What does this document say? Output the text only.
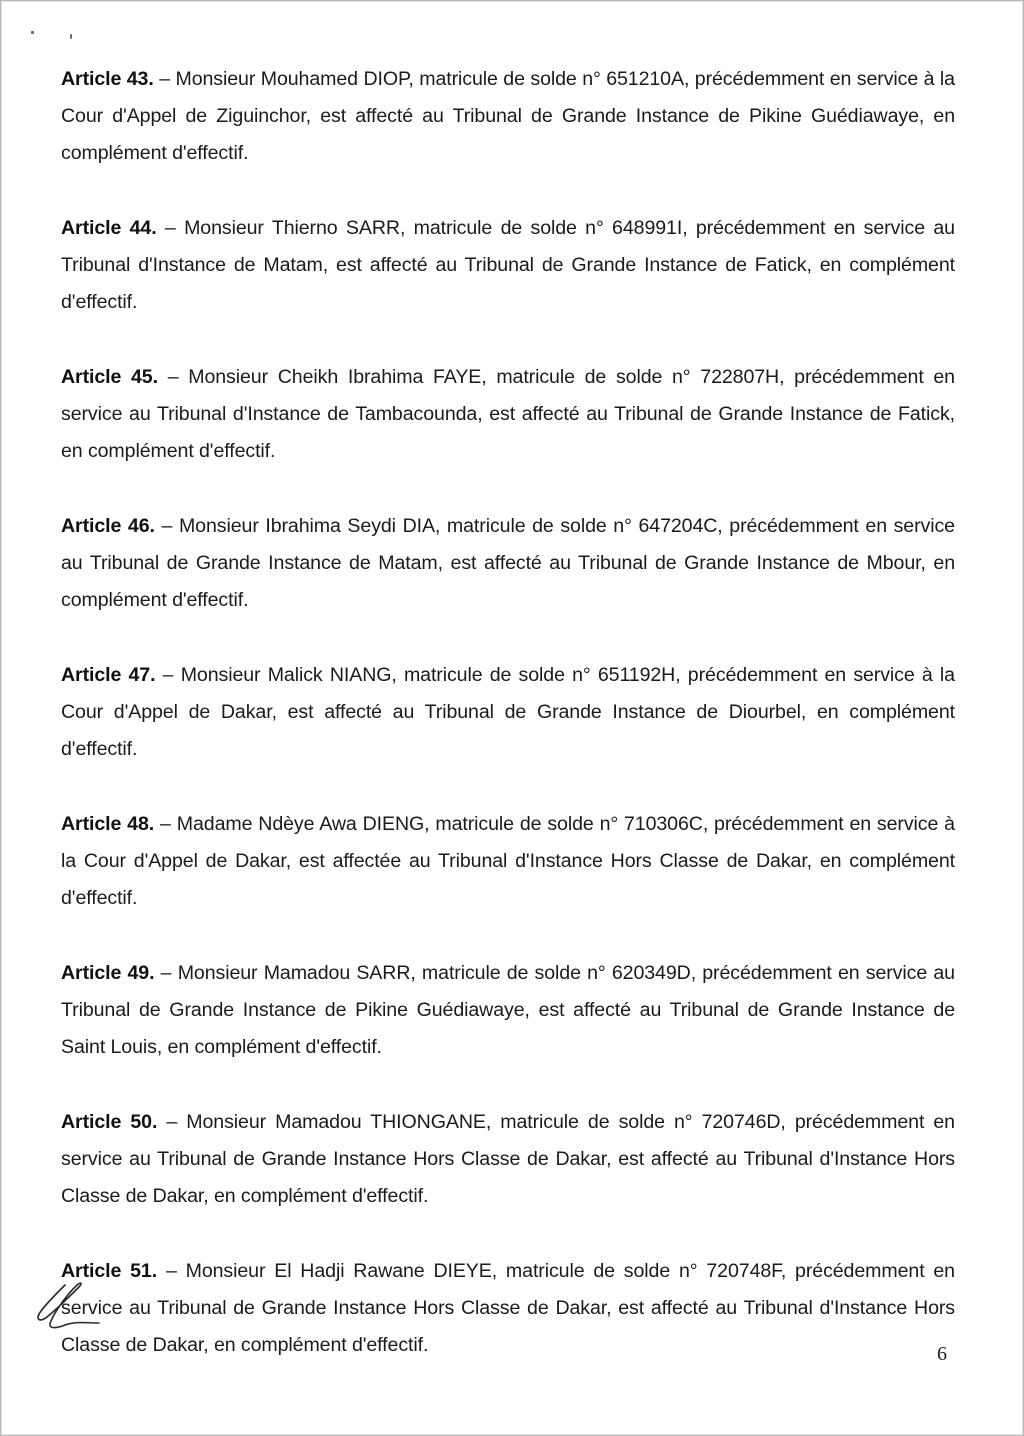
Article 43. – Monsieur Mouhamed DIOP, matricule de solde n° 651210A, précédemment en service à la Cour d'Appel de Ziguinchor, est affecté au Tribunal de Grande Instance de Pikine Guédiawaye, en complément d'effectif.

Article 44. – Monsieur Thierno SARR, matricule de solde n° 648991I, précédemment en service au Tribunal d'Instance de Matam, est affecté au Tribunal de Grande Instance de Fatick, en complément d'effectif.

Article 45. – Monsieur Cheikh Ibrahima FAYE, matricule de solde n° 722807H, précédemment en service au Tribunal d'Instance de Tambacounda, est affecté au Tribunal de Grande Instance de Fatick, en complément d'effectif.

Article 46. – Monsieur Ibrahima Seydi DIA, matricule de solde n° 647204C, précédemment en service au Tribunal de Grande Instance de Matam, est affecté au Tribunal de Grande Instance de Mbour, en complément d'effectif.

Article 47. – Monsieur Malick NIANG, matricule de solde n° 651192H, précédemment en service à la Cour d'Appel de Dakar, est affecté au Tribunal de Grande Instance de Diourbel, en complément d'effectif.

Article 48. – Madame Ndèye Awa DIENG, matricule de solde n° 710306C, précédemment en service à la Cour d'Appel de Dakar, est affectée au Tribunal d'Instance Hors Classe de Dakar, en complément d'effectif.

Article 49. – Monsieur Mamadou SARR, matricule de solde n° 620349D, précédemment en service au Tribunal de Grande Instance de Pikine Guédiawaye, est affecté au Tribunal de Grande Instance de Saint Louis, en complément d'effectif.

Article 50. – Monsieur Mamadou THIONGANE, matricule de solde n° 720746D, précédemment en service au Tribunal de Grande Instance Hors Classe de Dakar, est affecté au Tribunal d'Instance Hors Classe de Dakar, en complément d'effectif.

Article 51. – Monsieur El Hadji Rawane DIEYE, matricule de solde n° 720748F, précédemment en service au Tribunal de Grande Instance Hors Classe de Dakar, est affecté au Tribunal d'Instance Hors Classe de Dakar, en complément d'effectif.	6
